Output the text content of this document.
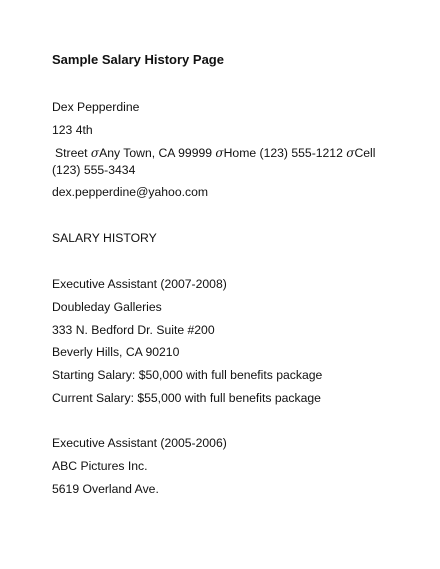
Sample Salary History Page
Dex Pepperdine
123 4th
Street σAny Town, CA 99999 σHome (123) 555-1212 σCell
(123) 555-3434
dex.pepperdine@yahoo.com
SALARY HISTORY
Executive Assistant (2007-2008)
Doubleday Galleries
333 N. Bedford Dr. Suite #200
Beverly Hills, CA 90210
Starting Salary: $50,000 with full benefits package
Current Salary: $55,000 with full benefits package
Executive Assistant (2005-2006)
ABC Pictures Inc.
5619 Overland Ave.
